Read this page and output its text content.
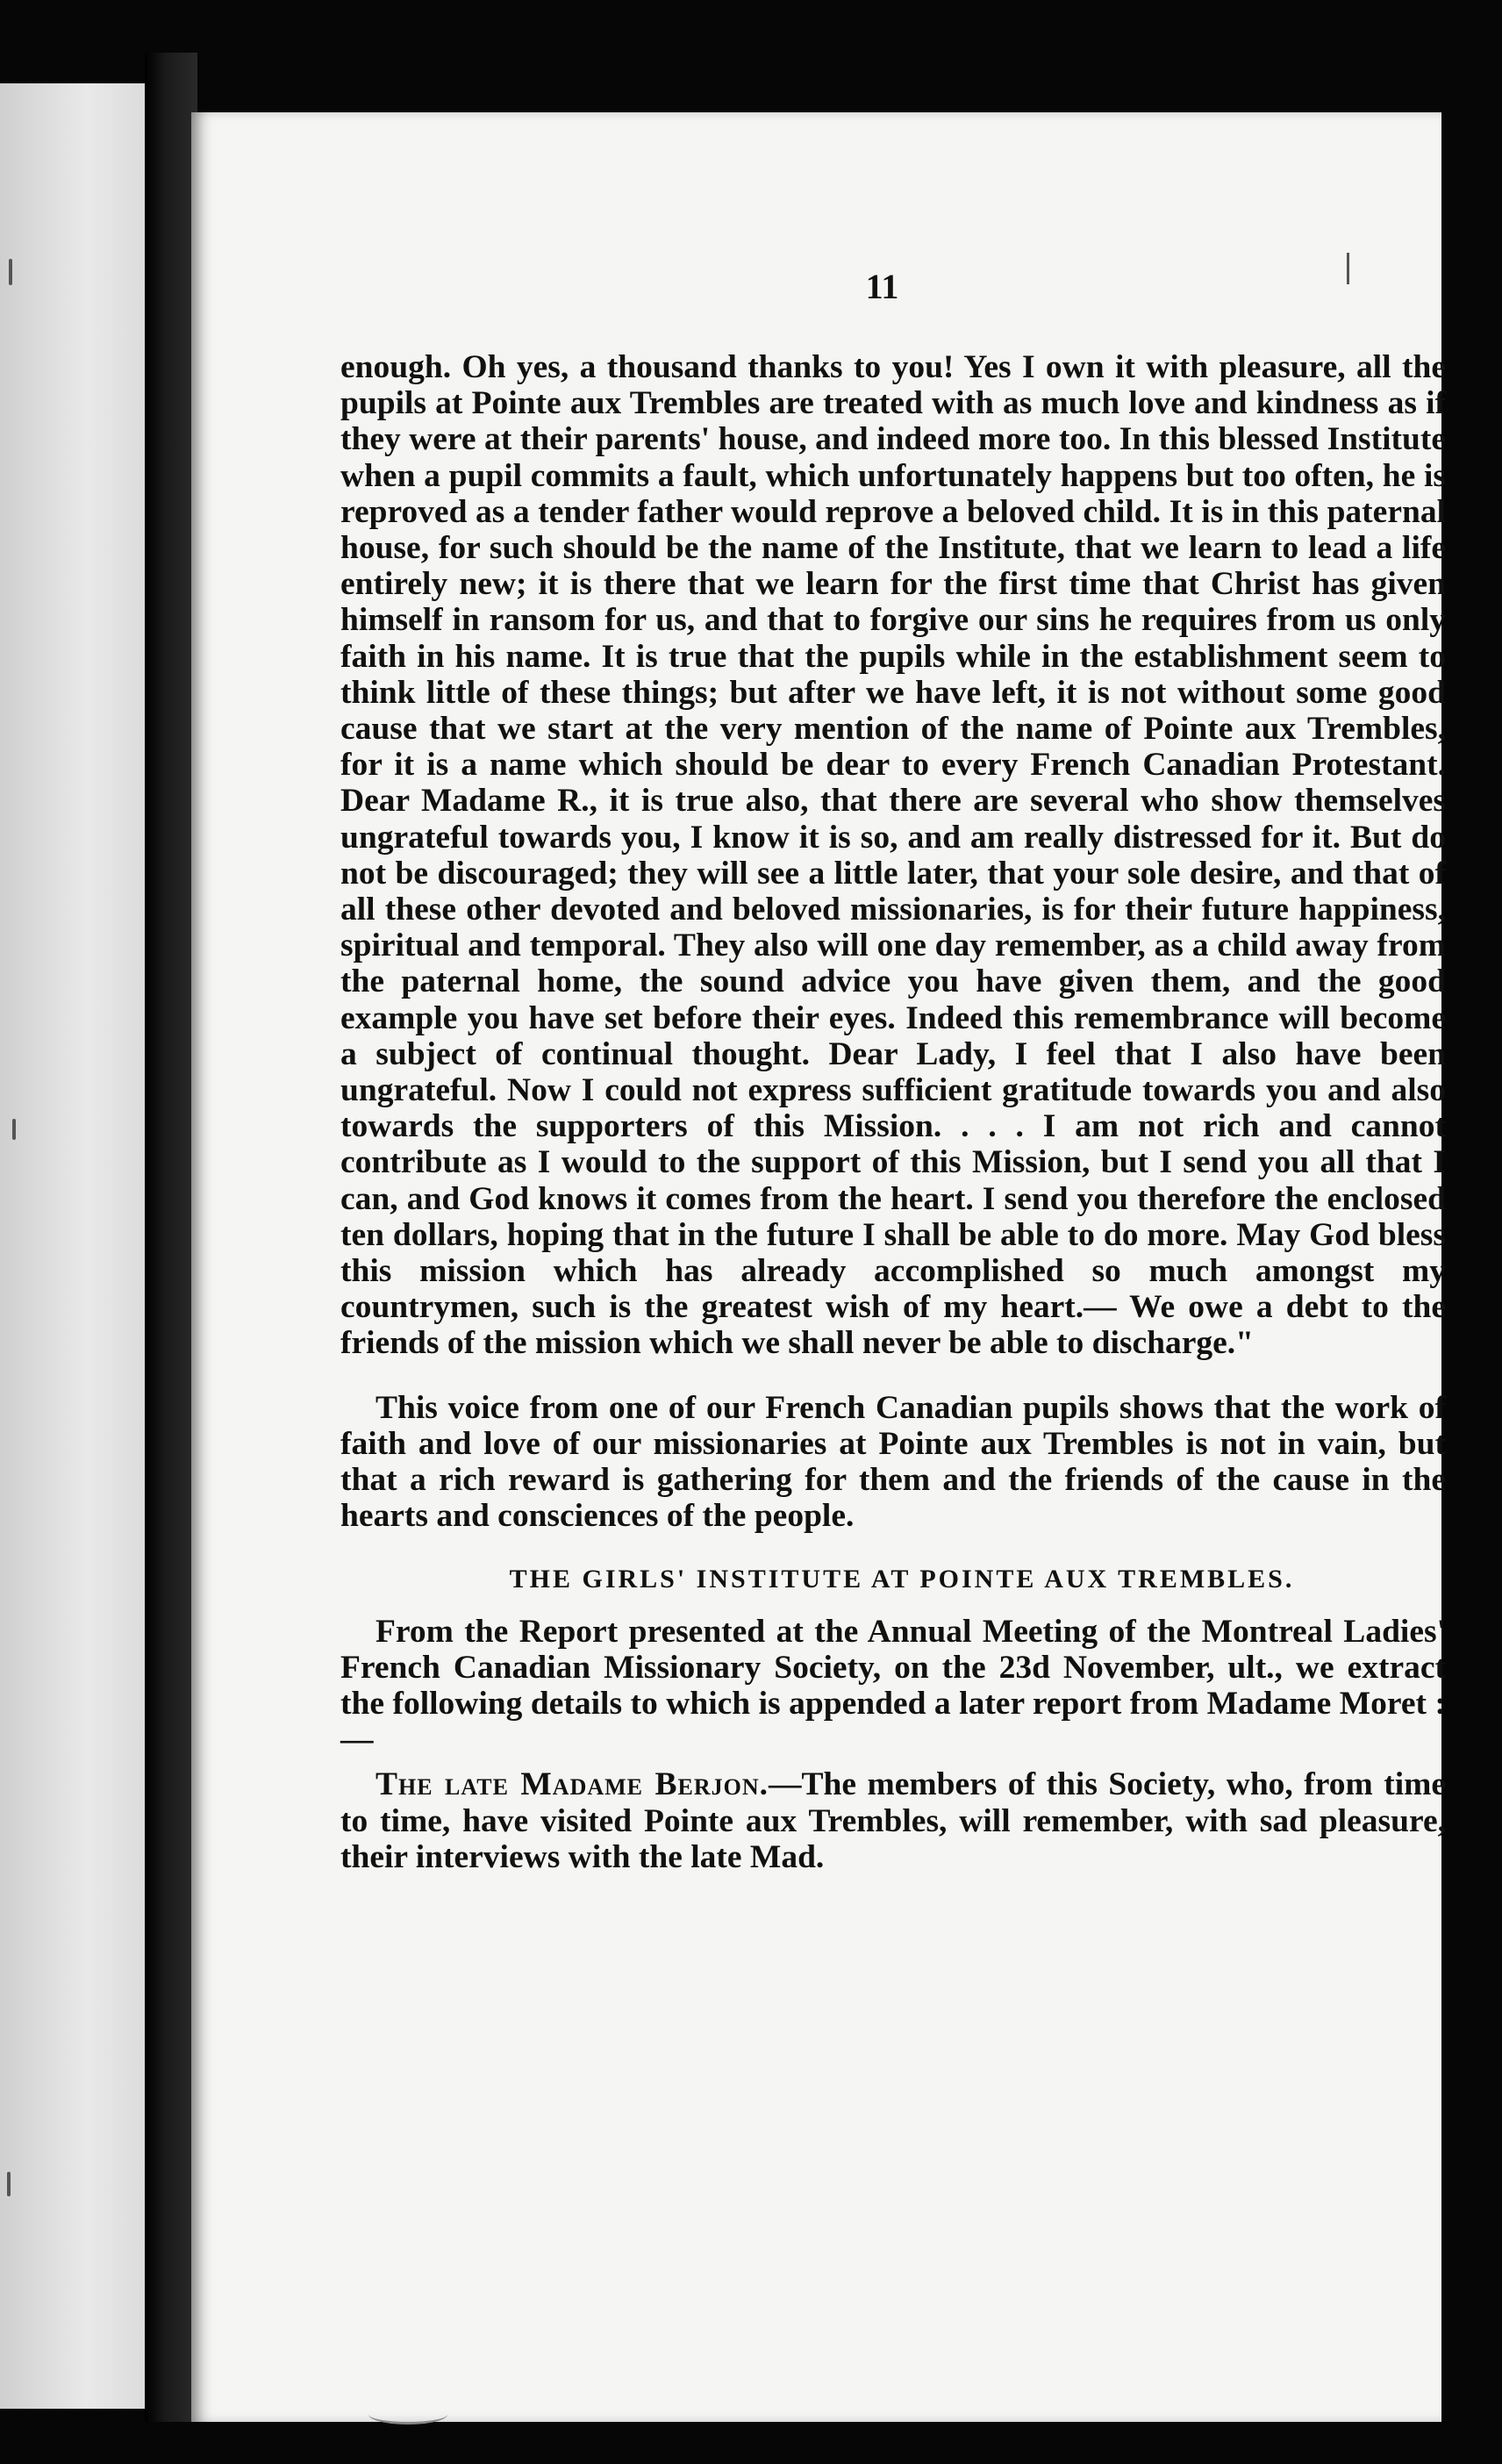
11

enough. Oh yes, a thousand thanks to you! Yes I own it with pleasure, all the pupils at Pointe aux Trembles are treated with as much love and kindness as if they were at their parents' house, and indeed more too. In this blessed Institute when a pupil commits a fault, which unfortunately happens but too often, he is reproved as a tender father would reprove a beloved child. It is in this paternal house, for such should be the name of the Institute, that we learn to lead a life entirely new; it is there that we learn for the first time that Christ has given himself in ransom for us, and that to forgive our sins he requires from us only faith in his name. It is true that the pupils while in the establishment seem to think little of these things; but after we have left, it is not without some good cause that we start at the very mention of the name of Pointe aux Trembles, for it is a name which should be dear to every French Canadian Protestant. Dear Madame R., it is true also, that there are several who show themselves ungrateful towards you, I know it is so, and am really distressed for it. But do not be discouraged; they will see a little later, that your sole desire, and that of all these other devoted and beloved missionaries, is for their future happiness, spiritual and temporal. They also will one day remember, as a child away from the paternal home, the sound advice you have given them, and the good example you have set before their eyes. Indeed this remembrance will become a subject of continual thought. Dear Lady, I feel that I also have been ungrateful. Now I could not express sufficient gratitude towards you and also towards the supporters of this Mission. . . . I am not rich and cannot contribute as I would to the support of this Mission, but I send you all that I can, and God knows it comes from the heart. I send you therefore the enclosed ten dollars, hoping that in the future I shall be able to do more. May God bless this mission which has already accomplished so much amongst my countrymen, such is the greatest wish of my heart.— We owe a debt to the friends of the mission which we shall never be able to discharge."

This voice from one of our French Canadian pupils shows that the work of faith and love of our missionaries at Pointe aux Trembles is not in vain, but that a rich reward is gathering for them and the friends of the cause in the hearts and consciences of the people.

THE GIRLS' INSTITUTE AT POINTE AUX TREMBLES.

From the Report presented at the Annual Meeting of the Montreal Ladies' French Canadian Missionary Society, on the 23d November, ult., we extract the following details to which is appended a later report from Madame Moret :—

The late Madame Berjon.—The members of this Society, who, from time to time, have visited Pointe aux Trembles, will remember, with sad pleasure, their interviews with the late Mad.
